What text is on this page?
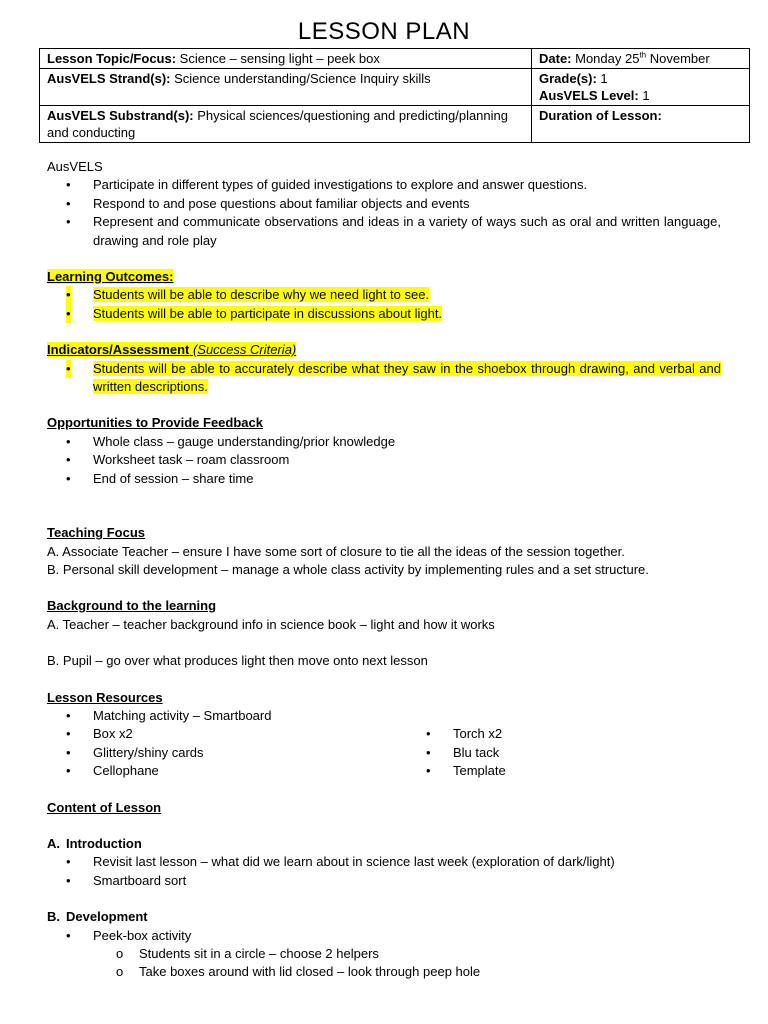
LESSON PLAN
Lesson Topic/Focus: Science – sensing light – peek box	Date: Monday 25th November
AusVELS Strand(s): Science understanding/Science Inquiry skills	Grade(s): 1
AusVELS Level: 1

AusVELS Substrand(s): Physical sciences/questioning and predicting/planning and conducting	Duration of Lesson:

AusVELS

• Participate in different types of guided investigations to explore and answer questions.
• Respond to and pose questions about familiar objects and events
• Represent and communicate observations and ideas in a variety of ways such as oral and written language, drawing and role play

Learning Outcomes:

• Students will be able to describe why we need light to see.
• Students will be able to participate in discussions about light.

Indicators/Assessment (Success Criteria)

• Students will be able to accurately describe what they saw in the shoebox through drawing, and verbal and written descriptions.

Opportunities to Provide Feedback

• Whole class – gauge understanding/prior knowledge
• Worksheet task – roam classroom
• End of session – share time

Teaching Focus

A. Associate Teacher – ensure I have some sort of closure to tie all the ideas of the session together.

B. Personal skill development – manage a whole class activity by implementing rules and a set structure.

Background to the learning

A. Teacher – teacher background info in science book – light and how it works

B. Pupil – go over what produces light then move onto next lesson

Lesson Resources

• Matching activity – Smartboard
• Box x2
• Glittery/shiny cards
• Cellophane
• Torch x2
• Blu tack
• Template

Content of Lesson

A. Introduction

• Revisit last lesson – what did we learn about in science last week (exploration of dark/light)
• Smartboard sort

B. Development

• Peek-box activity
o Students sit in a circle – choose 2 helpers
o Take boxes around with lid closed – look through peep hole
